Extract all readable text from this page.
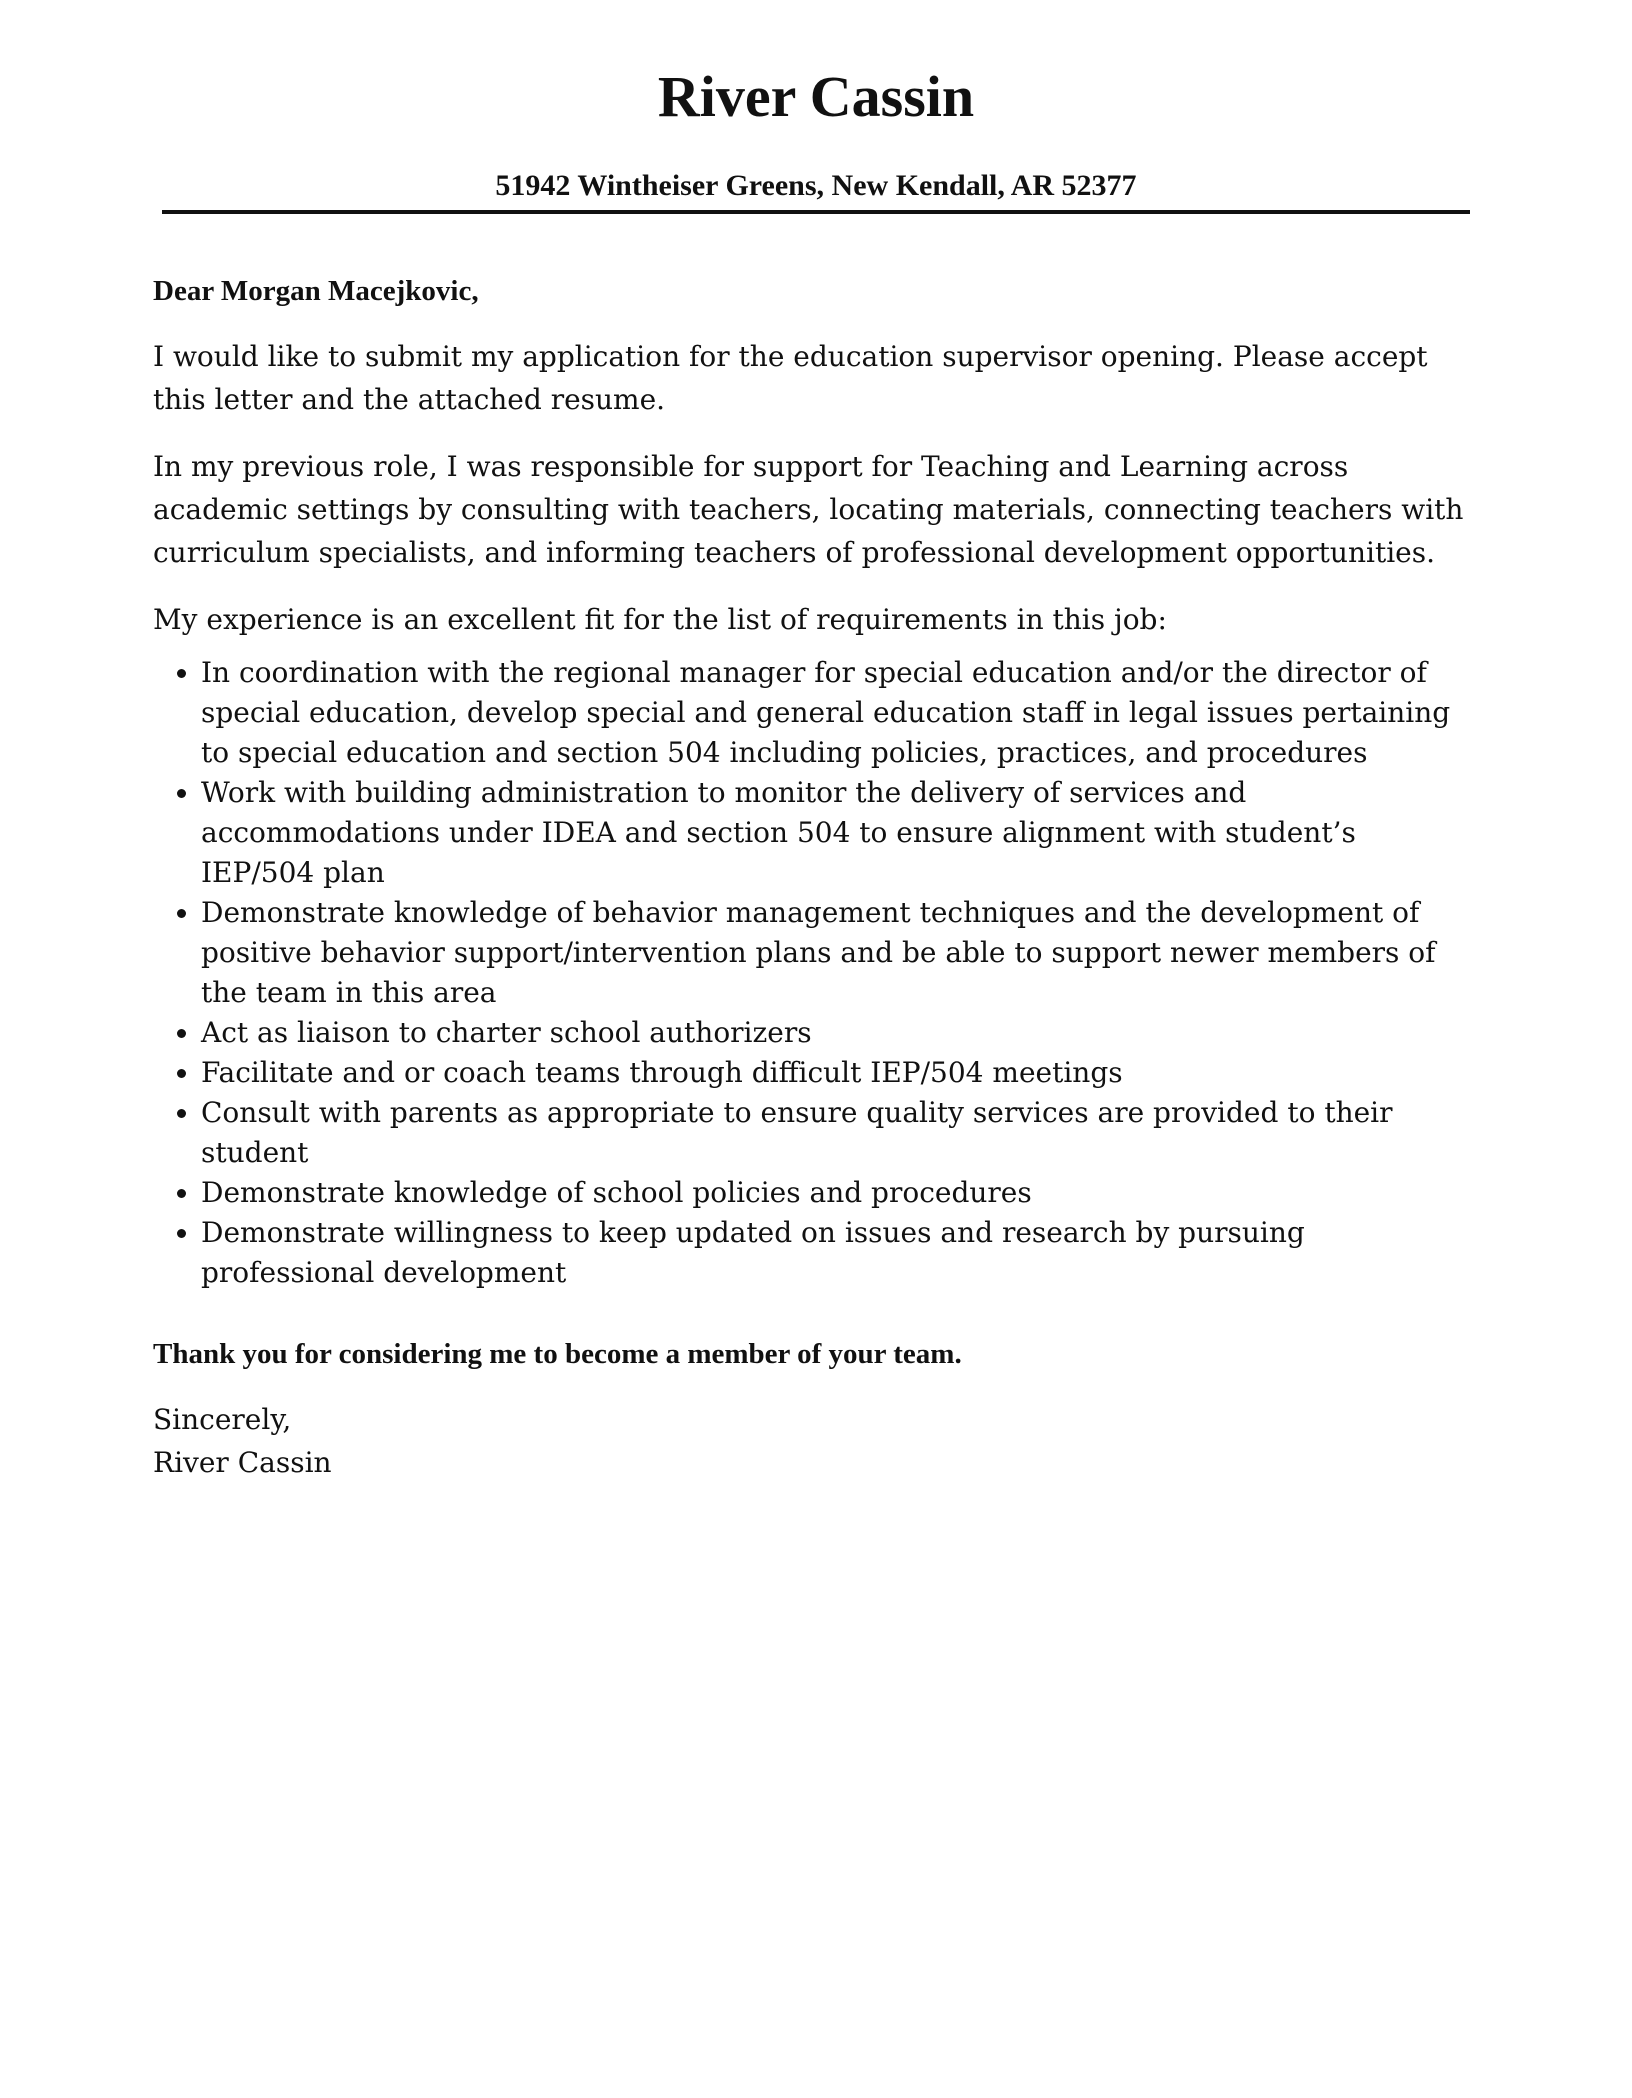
River Cassin

51942 Wintheiser Greens, New Kendall, AR 52377

Dear Morgan Macejkovic,

I would like to submit my application for the education supervisor opening. Please accept this letter and the attached resume.

In my previous role, I was responsible for support for Teaching and Learning across academic settings by consulting with teachers, locating materials, connecting teachers with curriculum specialists, and informing teachers of professional development opportunities.

My experience is an excellent fit for the list of requirements in this job:

In coordination with the regional manager for special education and/or the director of special education, develop special and general education staff in legal issues pertaining to special education and section 504 including policies, practices, and procedures
Work with building administration to monitor the delivery of services and accommodations under IDEA and section 504 to ensure alignment with student’s IEP/504 plan
Demonstrate knowledge of behavior management techniques and the development of positive behavior support/intervention plans and be able to support newer members of the team in this area
Act as liaison to charter school authorizers
Facilitate and or coach teams through difficult IEP/504 meetings
Consult with parents as appropriate to ensure quality services are provided to their student
Demonstrate knowledge of school policies and procedures
Demonstrate willingness to keep updated on issues and research by pursuing professional development

Thank you for considering me to become a member of your team.

Sincerely,

River Cassin
